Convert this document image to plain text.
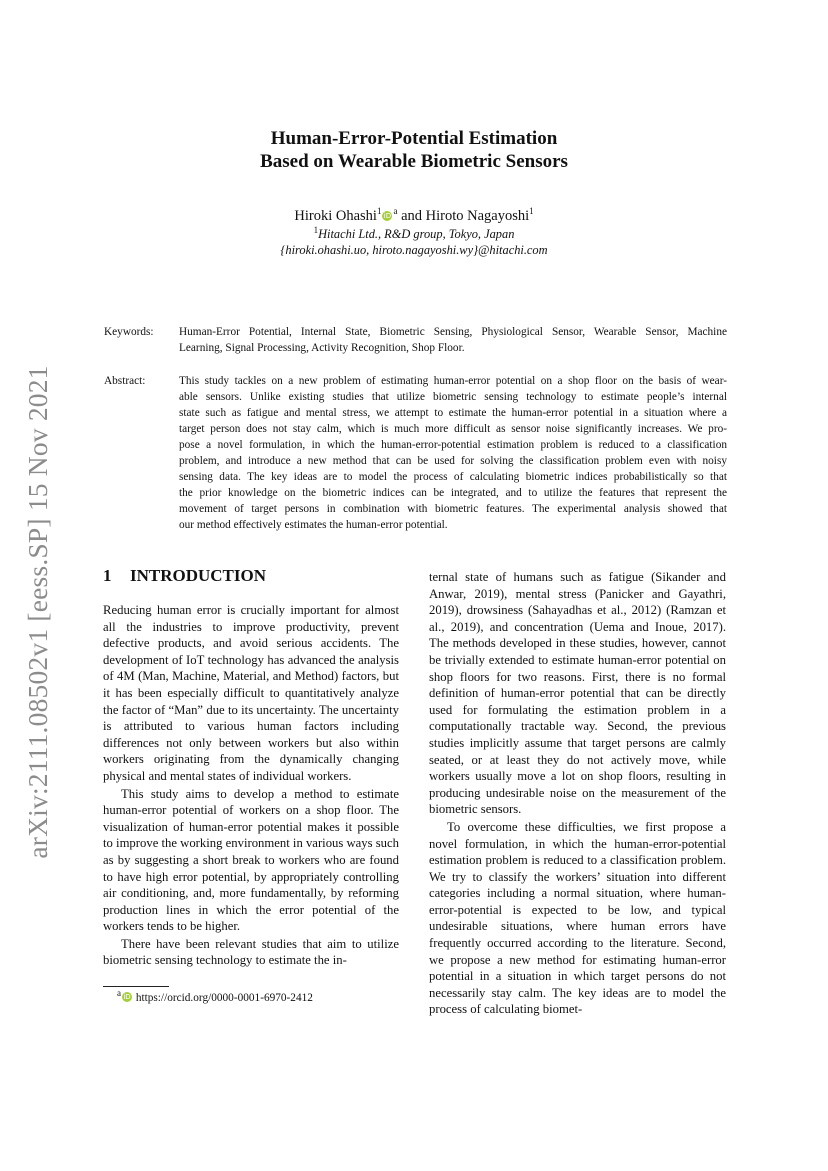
arXiv:2111.08502v1 [eess.SP] 15 Nov 2021
Human-Error-Potential Estimation
Based on Wearable Biometric Sensors
Hiroki Ohashi$^1$ iD $^a$ and Hiroto Nagayoshi$^1$
$^1$Hitachi Ltd., R&D group, Tokyo, Japan
{hiroki.ohashi.uo, hiroto.nagayoshi.wy}@hitachi.com
Keywords: Human-Error Potential, Internal State, Biometric Sensing, Physiological Sensor, Wearable Sensor, Machine
Learning, Signal Processing, Activity Recognition, Shop Floor.
Abstract:	This study tackles on a new problem of estimating human-error potential on a shop floor on the basis of wear-
able sensors. Unlike existing studies that utilize biometric sensing technology to estimate people’s internal
state such as fatigue and mental stress, we attempt to estimate the human-error potential in a situation where a
target person does not stay calm, which is much more difficult as sensor noise significantly increases. We pro-
pose a novel formulation, in which the human-error-potential estimation problem is reduced to a classification
problem, and introduce a new method that can be used for solving the classification problem even with noisy
sensing data. The key ideas are to model the process of calculating biometric indices probabilistically so that
the prior knowledge on the biometric indices can be integrated, and to utilize the features that represent the
movement of target persons in combination with biometric features. The experimental analysis showed that
our method effectively estimates the human-error potential.
1 INTRODUCTION

Reducing human error is crucially important for almost all the industries to improve productivity, prevent defective products, and avoid serious accidents. The development of IoT technology has advanced the analysis of 4M (Man, Machine, Material, and Method) factors, but it has been especially difficult to quantitatively analyze the factor of “Man” due to its uncertainty. The uncertainty is attributed to various human factors including differences not only between workers but also within workers originating from the dynamically changing physical and mental states of individual workers.

This study aims to develop a method to estimate human-error potential of workers on a shop floor. The visualization of human-error potential makes it possible to improve the working environment in various ways such as by suggesting a short break to workers who are found to have high error potential, by appropriately controlling air conditioning, and, more fundamentally, by reforming production lines in which the error potential of the workers tends to be higher.

There have been relevant studies that aim to utilize biometric sensing technology to estimate the in-

ternal state of humans such as fatigue (Sikander and Anwar, 2019), mental stress (Panicker and Gayathri, 2019), drowsiness (Sahayadhas et al., 2012) (Ramzan et al., 2019), and concentration (Uema and Inoue, 2017). The methods developed in these studies, however, cannot be trivially extended to estimate human-error potential on shop floors for two reasons. First, there is no formal definition of human-error potential that can be directly used for formulating the estimation problem in a computationally tractable way. Second, the previous studies implicitly assume that target persons are calmly seated, or at least they do not actively move, while workers usually move a lot on shop floors, resulting in producing undesirable noise on the measurement of the biometric sensors.

To overcome these difficulties, we first propose a novel formulation, in which the human-error-potential estimation problem is reduced to a classification problem. We try to classify the workers’ situation into different categories including a normal situation, where human-error-potential is expected to be low, and typical undesirable situations, where human errors have frequently occurred according to the literature. Second, we propose a new method for estimating human-error potential in a situation in which target persons do not necessarily stay calm. The key ideas are to model the process of calculating biomet-

$^a$ iD https://orcid.org/0000-0001-6970-2412
